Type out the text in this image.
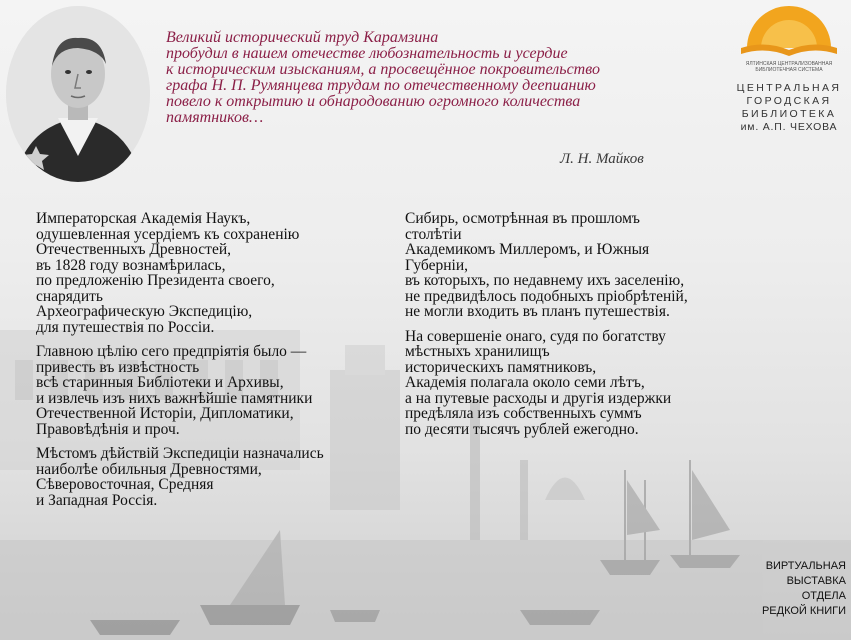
Великий исторический труд Карамзина

пробудил в нашем отечестве любознательность и усердие

к историческим изысканиям, а просвещённое покровительство

графа Н. П. Румянцева трудам по отечественному деепианию

повело к открытию и обнародованию огромного количества

памятников…

Л. Н. Майков
ЯЛТИНСКАЯ ЦЕНТРАЛИЗОВАННАЯ БИБЛИОТЕЧНАЯ СИСТЕМА
ЦЕНТРАЛЬНАЯ
ГОРОДСКАЯ
БИБЛИОТЕКА
им. А.П. ЧЕХОВА

Императорская Академія Наукъ,
одушевленная усердіемъ къ сохраненію
Отечественныхъ Древностей,
въ 1828 году вознамѣрилась,
по предложенію Президента своего,
снарядить
Археографическую Экспедицію,
для путешествія по Россіи.

Главною цѣлію сего предпріятія было —
привесть въ извѣстность
всѣ старинныя Библіотеки и Архивы,
и извлечь изъ нихъ важнѣйшіе памятники
Отечественной Исторіи, Дипломатики,
Правовѣдѣнія и проч.

Мѣстомъ дѣйствій Экспедиціи назначались
наиболѣе обильныя Древностями,
Сѣверовосточная, Средняя
и Западная Россія.

Сибирь, осмотрѣнная въ прошломъ
столѣтіи
Академикомъ Миллеромъ, и Южныя
Губерніи,
въ которыхъ, по недавнему ихъ заселенію,
не предвидѣлось подобныхъ пріобрѣтеній,
не могли входить въ планъ путешествія.

На совершеніе онаго, судя по богатству
мѣстныхъ хранилищъ
историческихъ памятниковъ,
Академія полагала около семи лѣтъ,
а на путевые расходы и другія издержки
предѣляла изъ собственныхъ суммъ
по десяти тысячъ рублей ежегодно.

ВИРТУАЛЬНАЯ
ВЫСТАВКА
ОТДЕЛА
РЕДКОЙ КНИГИ
